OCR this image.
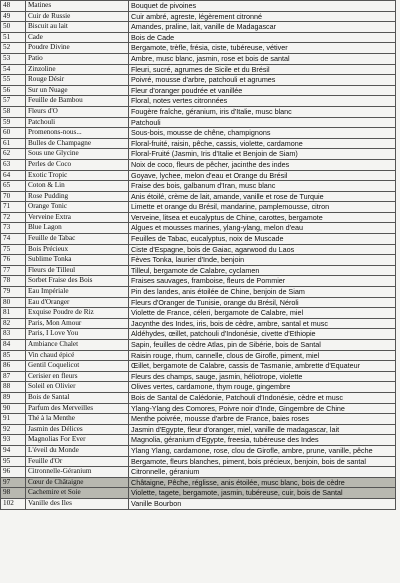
48	Matines	Bouquet de pivoines
49	Cuir de Russie	Cuir ambré, agreste, légèrement citronné
50	Biscuit au lait	Amandes, praline, lait, vanille de Madagascar
51	Cade	Bois de Cade
52	Poudre Divine	Bergamote, trèfle, frésia, ciste, tubéreuse, vétiver
53	Patio	Ambre, musc blanc, jasmin, rose et bois de santal
54	Zinzoline	Fleuri, sucré, agrumes de Sicile et du Brésil
55	Rouge Désir	Poivré, mousse d'arbre, patchouli et agrumes
56	Sur un Nuage	Fleur d'oranger poudrée et vanillée
57	Feuille de Bambou	Floral, notes vertes citronnées
58	Fleurs d'O	Fougère fraîche, géranium, iris d'Italie, musc blanc
59	Patchouli	Patchouli
60	Promenons-nous...	Sous-bois, mousse de chêne, champignons
61	Bulles de Champagne	Floral-fruité, raisin, pêche, cassis, violette, cardamone
62	Sous une Glycine	Floral-Fruité (Jasmin, Iris d'Italie et Benjoin de Siam)
63	Perles de Coco	Noix de coco, fleurs de pêcher, jacinthe des indes
64	Exotic Tropic	Goyave, lychee, melon d'eau et Orange du Brésil
65	Coton & Lin	Fraise des bois, galbanum d'Iran, musc blanc
70	Rose Pudding	Anis étoilé, crème de lait, amande, vanille et rose de Turquie
71	Orange Tonic	Limette et orange du Brésil, mandarine, pamplemousse, citron
72	Verveine Extra	Verveine, litsea et eucalyptus de Chine, carottes, bergamote
73	Blue Lagon	Algues et mousses marines, ylang-ylang, melon d'eau
74	Feuille de Tabac	Feuilles de Tabac, eucalyptus, noix de Muscade
75	Bois Précieux	Ciste d'Espagne, bois de Gaiac, agarwood du Laos
76	Sublime Tonka	Fèves Tonka, laurier d'Inde, benjoin
77	Fleurs de Tilleul	Tilleul, bergamote de Calabre, cyclamen
78	Sorbet Fraise des Bois	Fraises sauvages, framboise, fleurs de Pommier
79	Eau Impériale	Pin des landes, anis étoilée de Chine, benjoin de Siam
80	Eau d'Oranger	Fleurs d'Oranger de Tunisie, orange du Brésil, Néroli
81	Exquise Poudre de Riz	Violette de France, céleri, bergamote de Calabre, miel
82	Paris, Mon Amour	Jacynthe des Indes, iris, bois de cèdre, ambre, santal et musc
83	Paris, I Love You	Aldéhydes, œillet, patchouli d'Indonésie, civette d'Ethiopie
84	Ambiance Chalet	Sapin, feuilles de cèdre Atlas, pin de Sibérie, bois de Santal
85	Vin chaud épicé	Raisin rouge, rhum, cannelle, clous de Girofle, piment, miel
86	Gentil Coquelicot	Œillet, bergamote de Calabre, cassis de Tasmanie, ambrette d'Equateur
87	Cerisier en fleurs	Fleurs des champs, sauge, jasmin, héliotrope, violette
88	Soleil en Olivier	Olives vertes, cardamone, thym rouge, gingembre
89	Bois de Santal	Bois de Santal de Calédonie, Patchouli d'Indonésie, cèdre et musc
90	Parfum des Merveilles	Ylang-Ylang des Comores, Poivre noir d'Inde, Gingembre de Chine
91	Thé à la Menthe	Menthe poivrée, mousse d'arbre de France, baies roses
92	Jasmin des Délices	Jasmin d'Egypte, fleur d'oranger, miel, vanille de madagascar, lait
93	Magnolias For Ever	Magnolia, géranium d'Egypte, freesia, tubéreuse des Indes
94	L'éveil du Monde	Ylang Ylang, cardamone, rose, clou de Girofle, ambre, prune, vanille, pêche
95	Feuille d'Or	Bergamote, fleurs blanches, piment, bois précieux, benjoin, bois de santal
96	Citronnelle-Géranium	Citronnelle, géranium
97	Cœur de Châtaigne	Châtaigne, Pêche, réglisse, anis étoilée, musc blanc, bois de cèdre
98	Cachemire et Soie	Violette, tagete, bergamote, jasmin, tubéreuse, cuir, bois de Santal
102	Vanille des Iles	Vanille Bourbon
